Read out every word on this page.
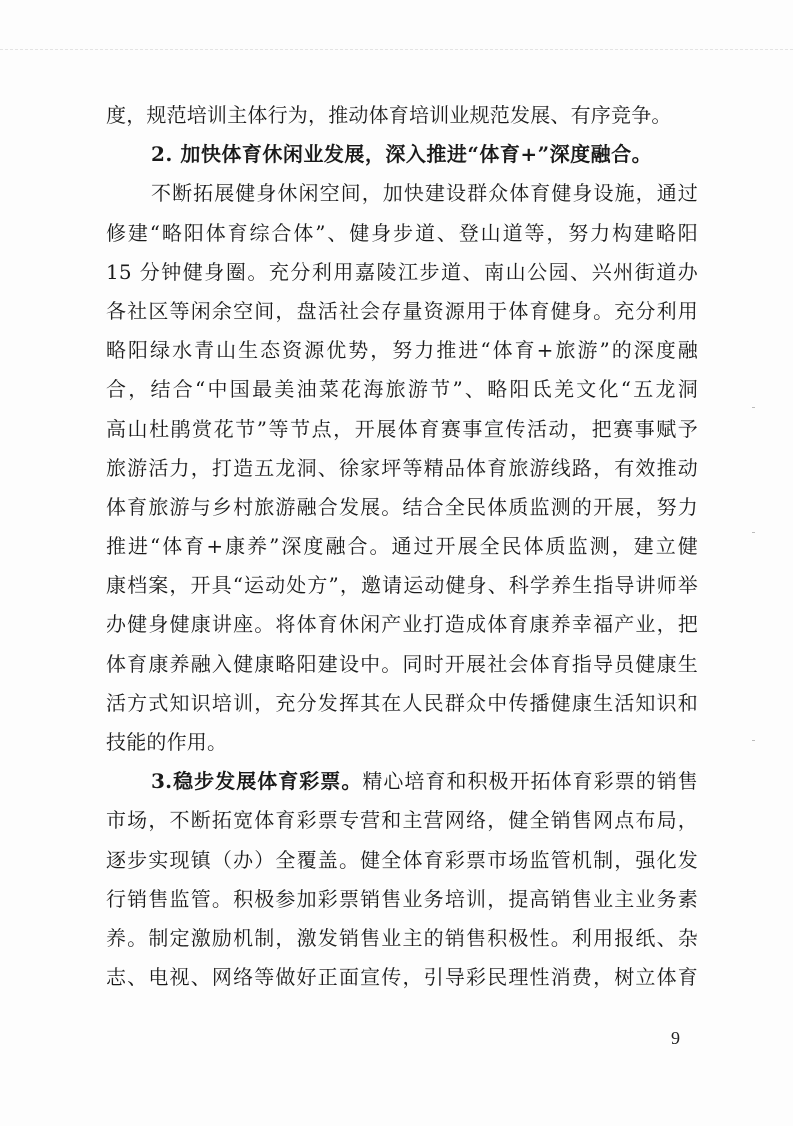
度，规范培训主体行为，推动体育培训业规范发展、有序竞争。
2. 加快体育休闲业发展，深入推进“体育+”深度融合。
不断拓展健身休闲空间，加快建设群众体育健身设施，通过
修建“略阳体育综合体”、健身步道、登山道等，努力构建略阳
15 分钟健身圈。充分利用嘉陵江步道、南山公园、兴州街道办
各社区等闲余空间，盘活社会存量资源用于体育健身。充分利用
略阳绿水青山生态资源优势，努力推进“体育+旅游”的深度融
合，结合“中国最美油菜花海旅游节”、略阳氐羌文化“五龙洞
高山杜鹃赏花节”等节点，开展体育赛事宣传活动，把赛事赋予
旅游活力，打造五龙洞、徐家坪等精品体育旅游线路，有效推动
体育旅游与乡村旅游融合发展。结合全民体质监测的开展，努力
推进“体育+康养”深度融合。通过开展全民体质监测，建立健
康档案，开具“运动处方”，邀请运动健身、科学养生指导讲师举
办健身健康讲座。将体育休闲产业打造成体育康养幸福产业，把
体育康养融入健康略阳建设中。同时开展社会体育指导员健康生
活方式知识培训，充分发挥其在人民群众中传播健康生活知识和
技能的作用。
3.稳步发展体育彩票。精心培育和积极开拓体育彩票的销售
市场，不断拓宽体育彩票专营和主营网络，健全销售网点布局，
逐步实现镇（办）全覆盖。健全体育彩票市场监管机制，强化发
行销售监管。积极参加彩票销售业务培训，提高销售业主业务素
养。制定激励机制，激发销售业主的销售积极性。利用报纸、杂
志、电视、网络等做好正面宣传，引导彩民理性消费，树立体育
9
